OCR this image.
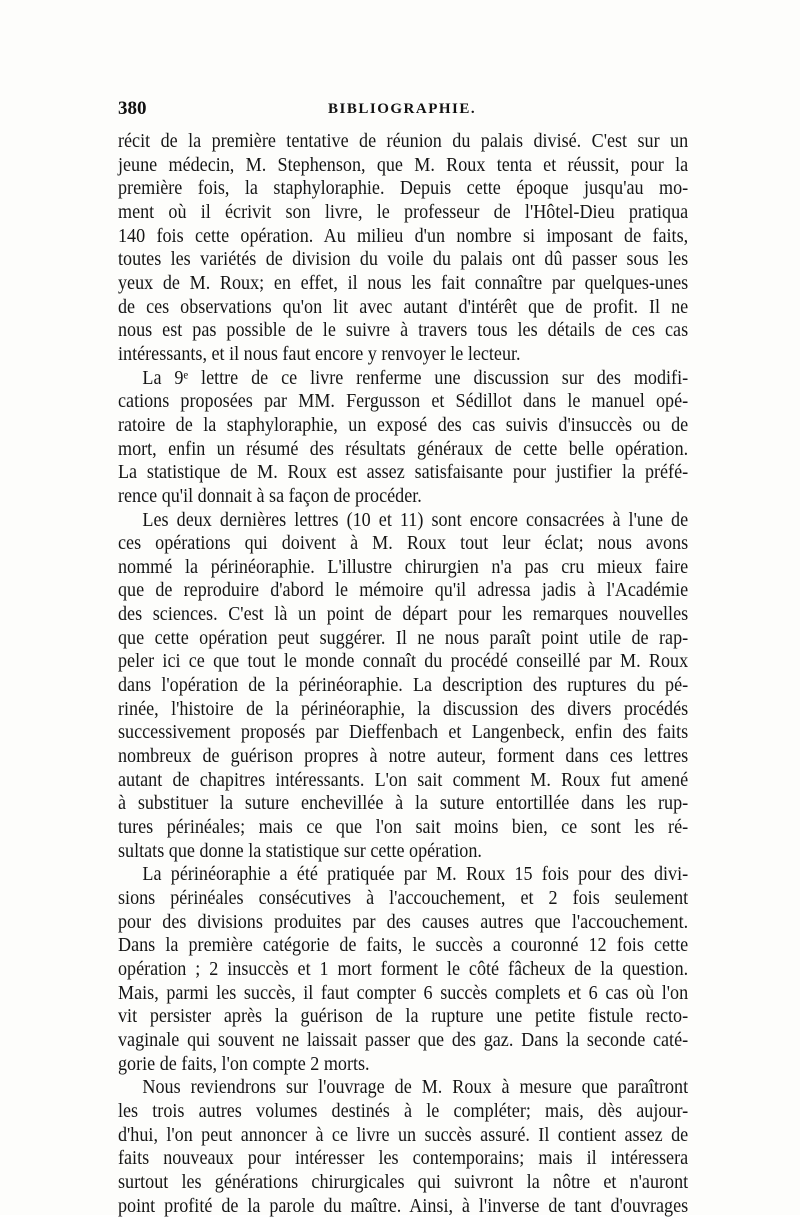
380	BIBLIOGRAPHIE.
récit de la première tentative de réunion du palais divisé. C'est sur un
jeune médecin, M. Stephenson, que M. Roux tenta et réussit, pour la
première fois, la staphyloraphie. Depuis cette époque jusqu'au mo-
ment où il écrivit son livre, le professeur de l'Hôtel-Dieu pratiqua
140 fois cette opération. Au milieu d'un nombre si imposant de faits,
toutes les variétés de division du voile du palais ont dû passer sous les
yeux de M. Roux; en effet, il nous les fait connaître par quelques-unes
de ces observations qu'on lit avec autant d'intérêt que de profit. Il ne
nous est pas possible de le suivre à travers tous les détails de ces cas
intéressants, et il nous faut encore y renvoyer le lecteur.
La 9ᵉ lettre de ce livre renferme une discussion sur des modifi-
cations proposées par MM. Fergusson et Sédillot dans le manuel opé-
ratoire de la staphyloraphie, un exposé des cas suivis d'insuccès ou de
mort, enfin un résumé des résultats généraux de cette belle opération.
La statistique de M. Roux est assez satisfaisante pour justifier la préfé-
rence qu'il donnait à sa façon de procéder.
Les deux dernières lettres (10 et 11) sont encore consacrées à l'une de
ces opérations qui doivent à M. Roux tout leur éclat; nous avons
nommé la périnéoraphie. L'illustre chirurgien n'a pas cru mieux faire
que de reproduire d'abord le mémoire qu'il adressa jadis à l'Académie
des sciences. C'est là un point de départ pour les remarques nouvelles
que cette opération peut suggérer. Il ne nous paraît point utile de rap-
peler ici ce que tout le monde connaît du procédé conseillé par M. Roux
dans l'opération de la périnéoraphie. La description des ruptures du pé-
rinée, l'histoire de la périnéoraphie, la discussion des divers procédés
successivement proposés par Dieffenbach et Langenbeck, enfin des faits
nombreux de guérison propres à notre auteur, forment dans ces lettres
autant de chapitres intéressants. L'on sait comment M. Roux fut amené
à substituer la suture enchevillée à la suture entortillée dans les rup-
tures périnéales; mais ce que l'on sait moins bien, ce sont les ré-
sultats que donne la statistique sur cette opération.
La périnéoraphie a été pratiquée par M. Roux 15 fois pour des divi-
sions périnéales consécutives à l'accouchement, et 2 fois seulement
pour des divisions produites par des causes autres que l'accouchement.
Dans la première catégorie de faits, le succès a couronné 12 fois cette
opération ; 2 insuccès et 1 mort forment le côté fâcheux de la question.
Mais, parmi les succès, il faut compter 6 succès complets et 6 cas où l'on
vit persister après la guérison de la rupture une petite fistule recto-
vaginale qui souvent ne laissait passer que des gaz. Dans la seconde caté-
gorie de faits, l'on compte 2 morts.
Nous reviendrons sur l'ouvrage de M. Roux à mesure que paraîtront
les trois autres volumes destinés à le compléter; mais, dès aujour-
d'hui, l'on peut annoncer à ce livre un succès assuré. Il contient assez de
faits nouveaux pour intéresser les contemporains; mais il intéressera
surtout les générations chirurgicales qui suivront la nôtre et n'auront
point profité de la parole du maître. Ainsi, à l'inverse de tant d'ouvrages
